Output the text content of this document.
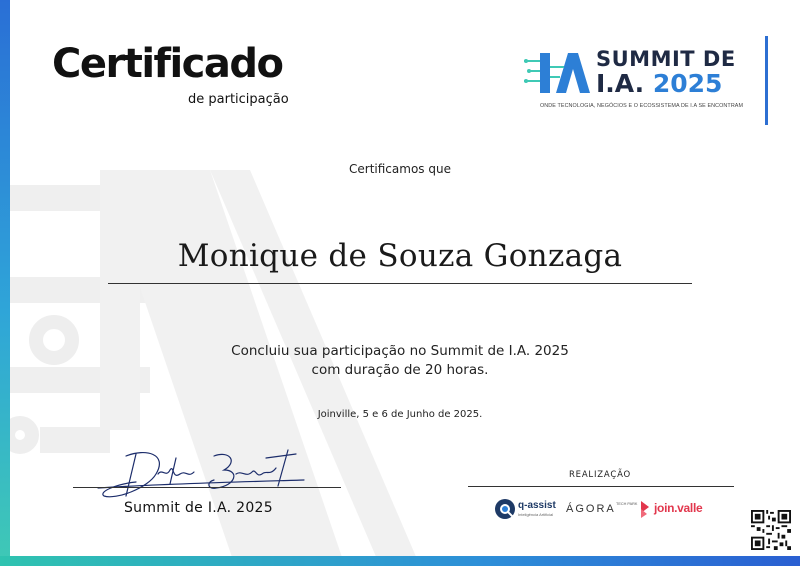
Certificado
de participação
SUMMIT DE
I.A. 2025
ONDE TECNOLOGIA, NEGÓCIOS E O ECOSSISTEMA DE I.A SE ENCONTRAM
Certificamos que
Monique de Souza Gonzaga
Concluiu sua participação no Summit de I.A. 2025
com duração de 20 horas.
Joinville, 5 e 6 de Junho de 2025.
Summit de I.A. 2025
REALIZAÇÃO
q-assist
Inteligência Artificial ÁGORA TECH PARK join.valle
